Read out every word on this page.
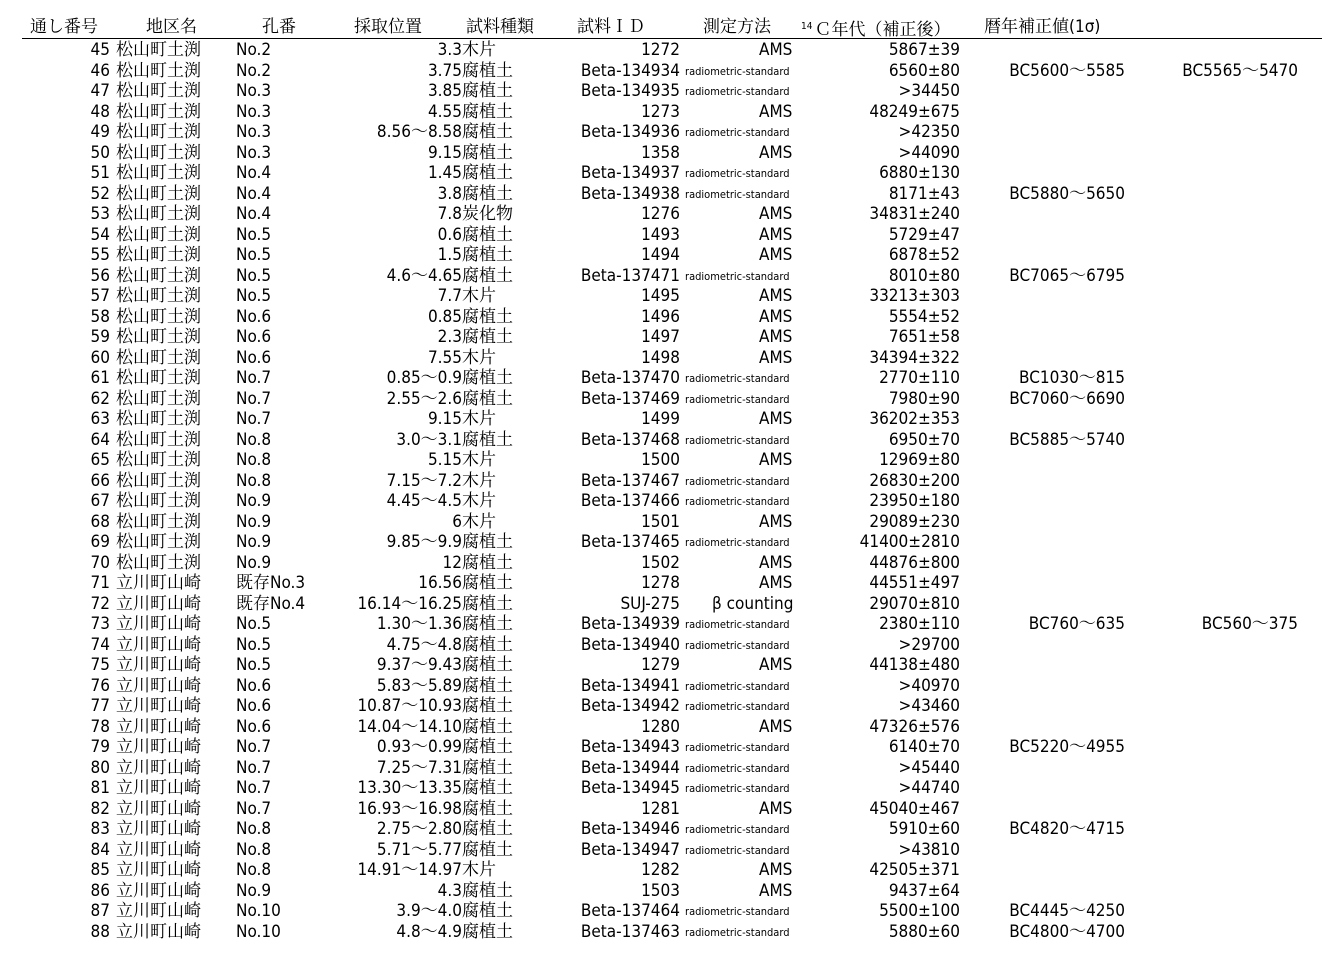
通し番号	地区名	孔番	採取位置	試料種類	試料ＩＤ	測定方法	$^{14}$ Ｃ年代（補正後） 暦年補正値(1σ)
45 松山町土渕	No.2	3.3 木片	1272	AMS	5867±39
46 松山町土渕	No.2	3.75 腐植土	Beta-134934 radiometric-standard	6560±80	BC5600～5585	BC5565～5470
47 松山町土渕	No.3	3.85 腐植土	Beta-134935 radiometric-standard	>34450
48 松山町土渕	No.3	4.55 腐植土	1273	AMS	48249±675
49 松山町土渕	No.3	8.56～8.58 腐植土	Beta-134936 radiometric-standard	>42350
50 松山町土渕	No.3	9.15 腐植土	1358	AMS	>44090
51 松山町土渕	No.4	1.45 腐植土	Beta-134937 radiometric-standard	6880±130
52 松山町土渕	No.4	3.8 腐植土	Beta-134938 radiometric-standard	8171±43	BC5880～5650
53 松山町土渕	No.4	7.8 炭化物	1276	AMS	34831±240
54 松山町土渕	No.5	0.6 腐植土	1493	AMS	5729±47
55 松山町土渕	No.5	1.5 腐植土	1494	AMS	6878±52
56 松山町土渕	No.5	4.6～4.65 腐植土	Beta-137471 radiometric-standard	8010±80	BC7065～6795
57 松山町土渕	No.5	7.7 木片	1495	AMS	33213±303
58 松山町土渕	No.6	0.85 腐植土	1496	AMS	5554±52
59 松山町土渕	No.6	2.3 腐植土	1497	AMS	7651±58
60 松山町土渕	No.6	7.55 木片	1498	AMS	34394±322
61 松山町土渕	No.7	0.85～0.9 腐植土	Beta-137470 radiometric-standard	2770±110	BC1030～815
62 松山町土渕	No.7	2.55～2.6 腐植土	Beta-137469 radiometric-standard	7980±90	BC7060～6690
63 松山町土渕	No.7	9.15 木片	1499	AMS	36202±353
64 松山町土渕	No.8	3.0～3.1 腐植土	Beta-137468 radiometric-standard	6950±70	BC5885～5740
65 松山町土渕	No.8	5.15 木片	1500	AMS	12969±80
66 松山町土渕	No.8	7.15～7.2 木片	Beta-137467 radiometric-standard	26830±200
67 松山町土渕	No.9	4.45～4.5 木片	Beta-137466 radiometric-standard	23950±180
68 松山町土渕	No.9	6 木片	1501	AMS	29089±230
69 松山町土渕	No.9	9.85～9.9 腐植土	Beta-137465 radiometric-standard	41400±2810
70 松山町土渕	No.9	12 腐植土	1502	AMS	44876±800
71 立川町山崎	既存No.3	16.56 腐植土	1278	AMS	44551±497
72 立川町山崎	既存No.4	16.14～16.25 腐植土	SUJ-275 β counting	29070±810
73 立川町山崎	No.5	1.30～1.36 腐植土	Beta-134939 radiometric-standard	2380±110	BC760～635	BC560～375
74 立川町山崎	No.5	4.75～4.8 腐植土	Beta-134940 radiometric-standard	>29700
75 立川町山崎	No.5	9.37～9.43 腐植土	1279	AMS	44138±480
76 立川町山崎	No.6	5.83～5.89 腐植土	Beta-134941 radiometric-standard	>40970
77 立川町山崎	No.6	10.87～10.93 腐植土	Beta-134942 radiometric-standard	>43460
78 立川町山崎	No.6	14.04～14.10 腐植土	1280	AMS	47326±576
79 立川町山崎	No.7	0.93～0.99 腐植土	Beta-134943 radiometric-standard	6140±70	BC5220～4955
80 立川町山崎	No.7	7.25～7.31 腐植土	Beta-134944 radiometric-standard	>45440
81 立川町山崎	No.7	13.30～13.35 腐植土	Beta-134945 radiometric-standard	>44740
82 立川町山崎	No.7	16.93～16.98 腐植土	1281	AMS	45040±467
83 立川町山崎	No.8	2.75～2.80 腐植土	Beta-134946 radiometric-standard	5910±60	BC4820～4715
84 立川町山崎	No.8	5.71～5.77 腐植土	Beta-134947 radiometric-standard	>43810
85 立川町山崎	No.8	14.91～14.97 木片	1282	AMS	42505±371
86 立川町山崎	No.9	4.3 腐植土	1503	AMS	9437±64
87 立川町山崎	No.10	3.9～4.0 腐植土	Beta-137464 radiometric-standard	5500±100	BC4445～4250
88 立川町山崎	No.10	4.8～4.9 腐植土	Beta-137463 radiometric-standard	5880±60	BC4800～4700
